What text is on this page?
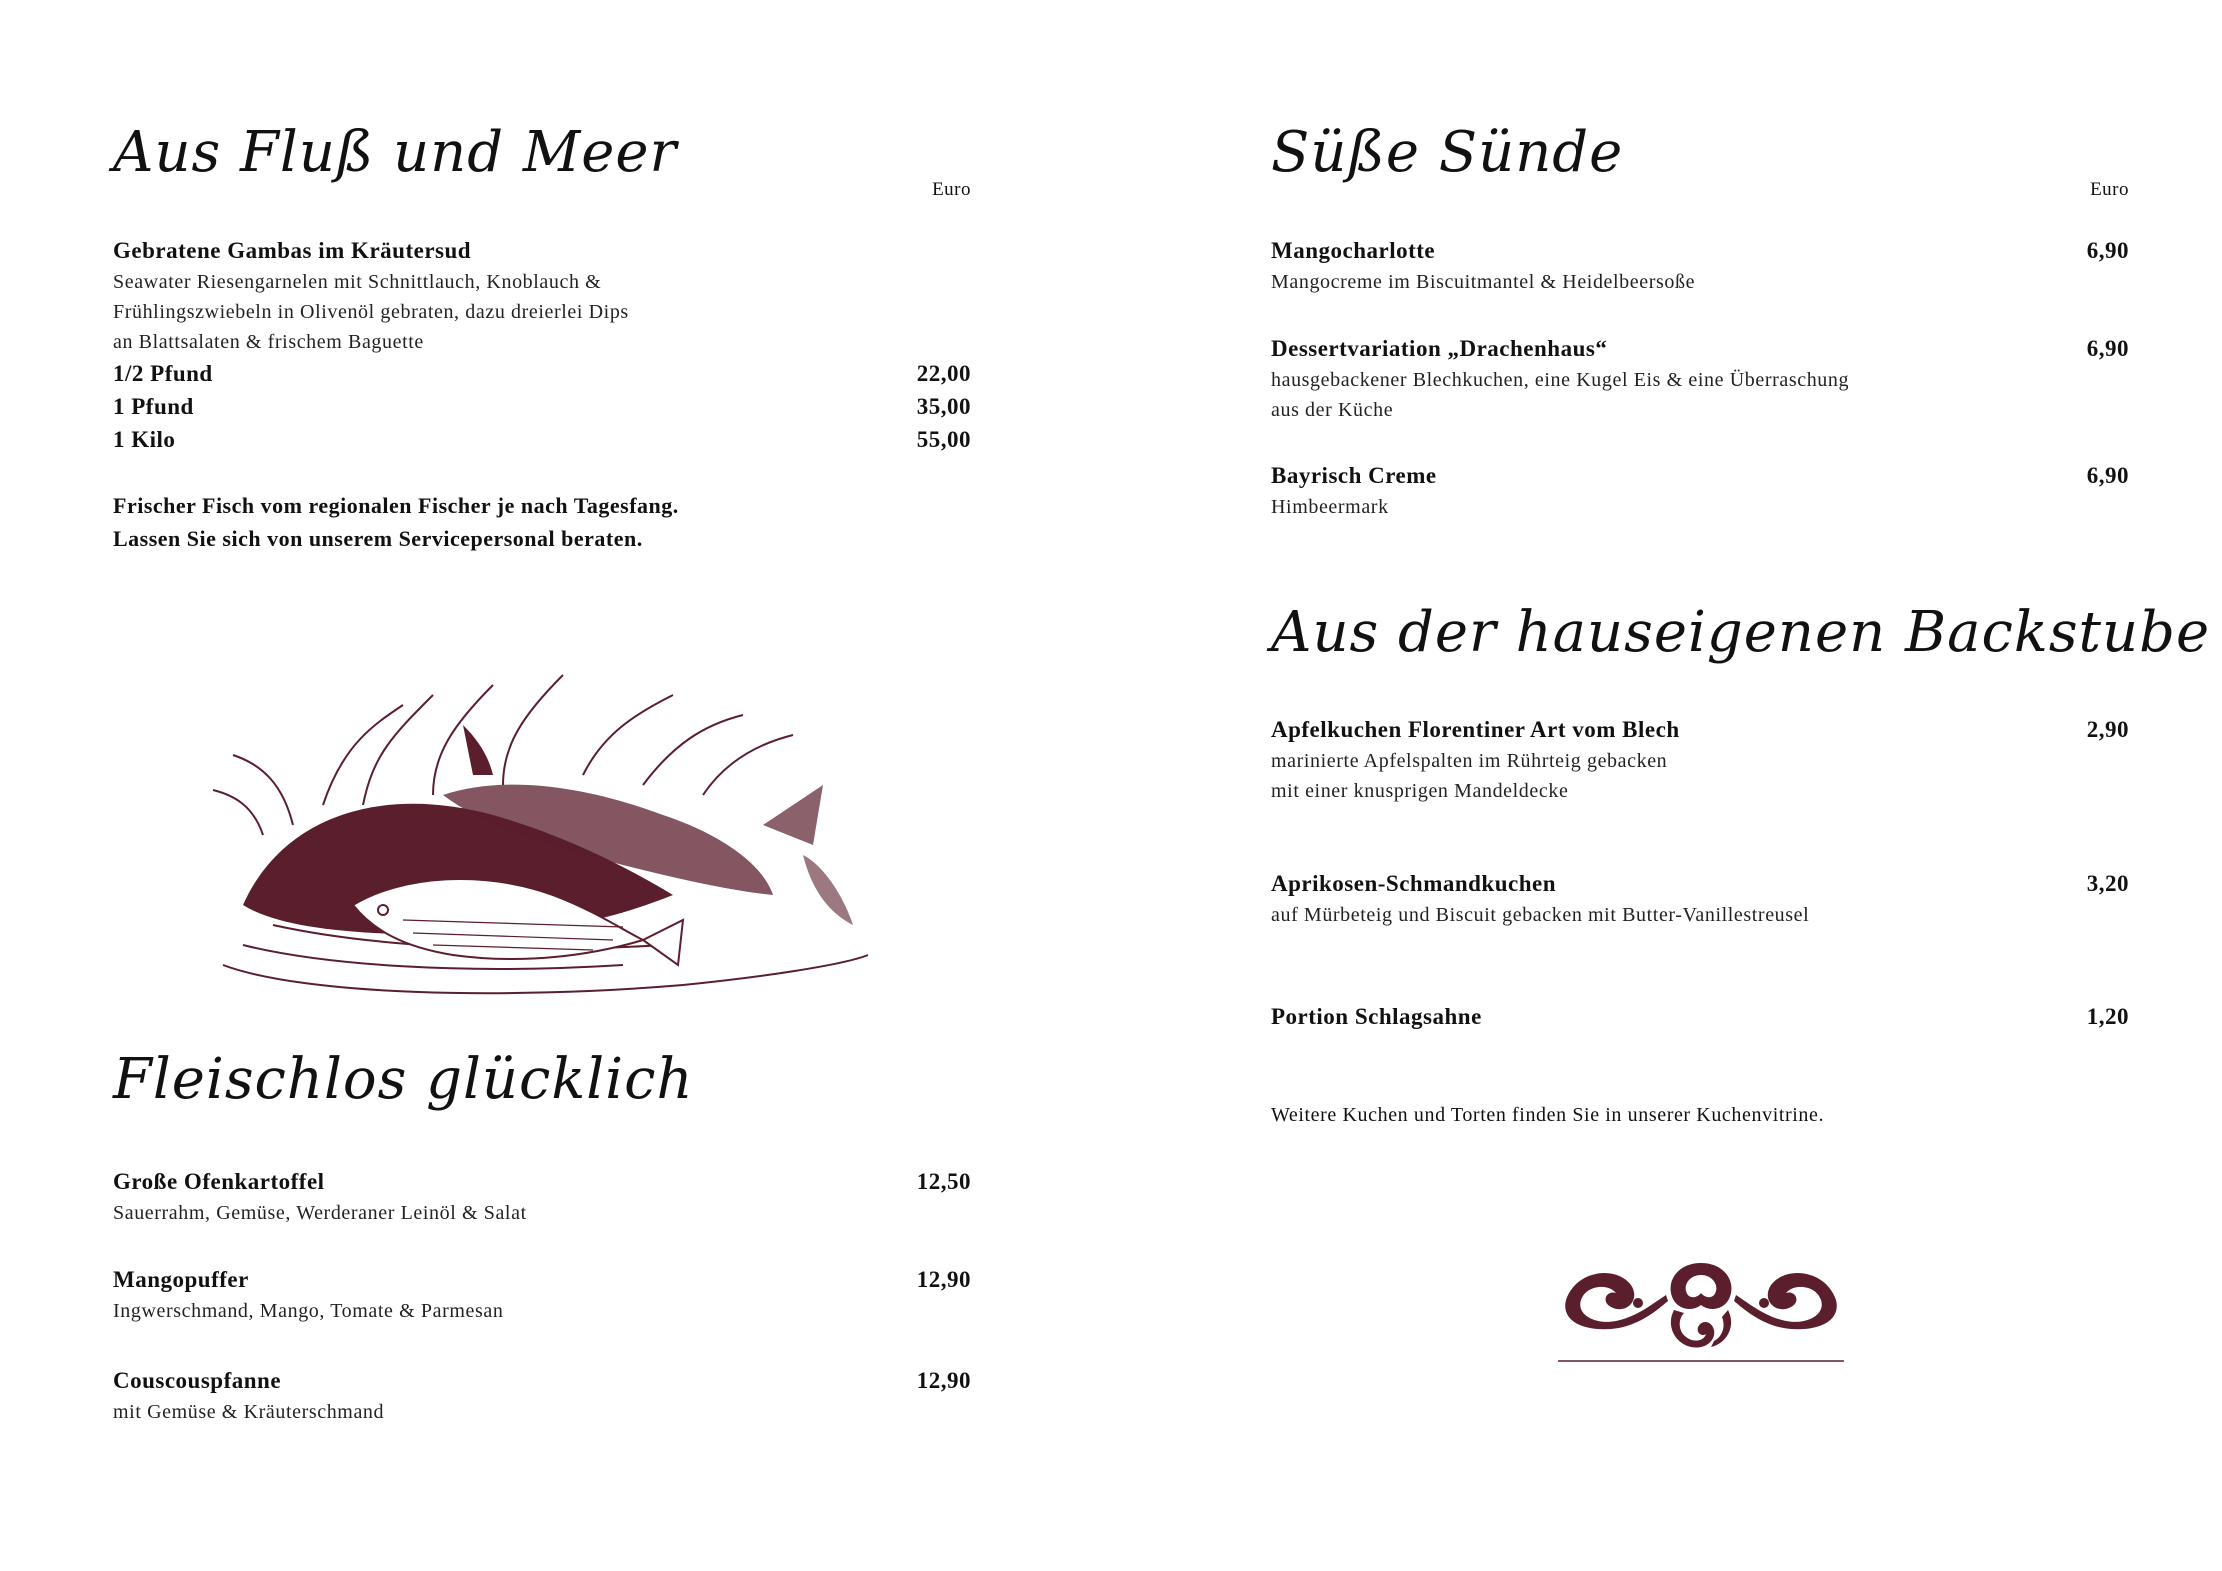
Aus Fluß und Meer
Euro
Gebratene Gambas im Kräutersud
Seawater Riesengarnelen mit Schnittlauch, Knoblauch &
Frühlingszwiebeln in Olivenöl gebraten, dazu dreierlei Dips
an Blattsalaten & frischem Baguette
1/2 Pfund	22,00
1 Pfund	35,00
1 Kilo	55,00
Frischer Fisch vom regionalen Fischer je nach Tagesfang.
Lassen Sie sich von unserem Servicepersonal beraten.
Fleischlos glücklich
Große Ofenkartoffel	12,50
Sauerrahm, Gemüse, Werderaner Leinöl & Salat
Mangopuffer	12,90
Ingwerschmand, Mango, Tomate & Parmesan
Couscouspfanne	12,90
mit Gemüse & Kräuterschmand
Süße Sünde
Euro
Mangocharlotte	6,90
Mangocreme im Biscuitmantel & Heidelbeersoße
Dessertvariation „Drachenhaus“	6,90
hausgebackener Blechkuchen, eine Kugel Eis & eine Überraschung
aus der Küche
Bayrisch Creme	6,90
Himbeermark
Aus der hauseigenen Backstube
Apfelkuchen Florentiner Art vom Blech	2,90
marinierte Apfelspalten im Rührteig gebacken
mit einer knusprigen Mandeldecke
Aprikosen-Schmandkuchen	3,20
auf Mürbeteig und Biscuit gebacken mit Butter-Vanillestreusel
Portion Schlagsahne	1,20
Weitere Kuchen und Torten finden Sie in unserer Kuchenvitrine.
